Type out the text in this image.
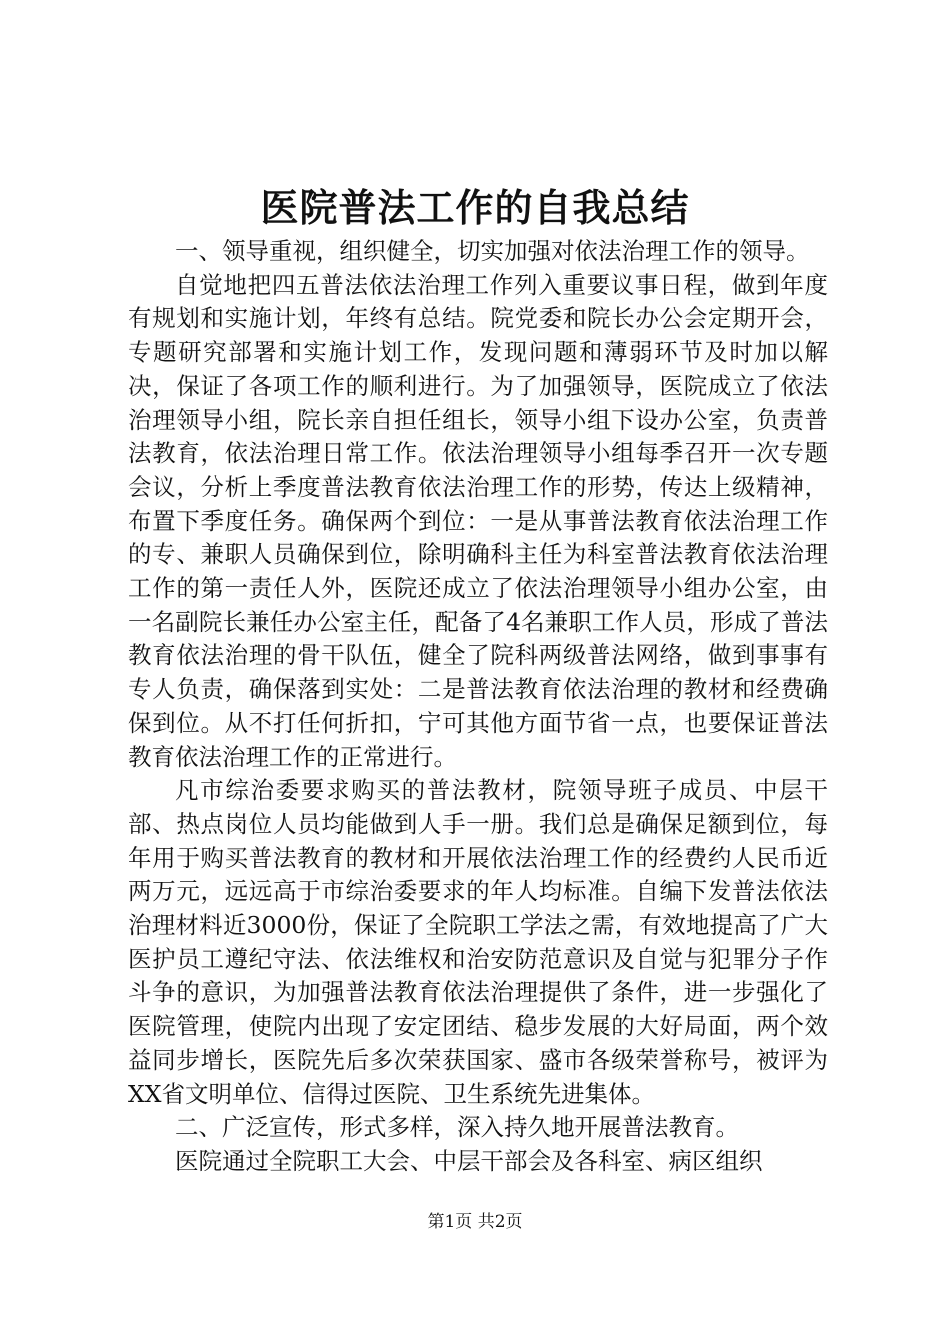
医院普法工作的自我总结

一、领导重视，组织健全，切实加强对依法治理工作的领导。

自觉地把四五普法依法治理工作列入重要议事日程，做到年度有规划和实施计划，年终有总结。院党委和院长办公会定期开会，专题研究部署和实施计划工作，发现问题和薄弱环节及时加以解决，保证了各项工作的顺利进行。为了加强领导，医院成立了依法治理领导小组，院长亲自担任组长，领导小组下设办公室，负责普法教育，依法治理日常工作。依法治理领导小组每季召开一次专题会议，分析上季度普法教育依法治理工作的形势，传达上级精神，布置下季度任务。确保两个到位：一是从事普法教育依法治理工作的专、兼职人员确保到位，除明确科主任为科室普法教育依法治理工作的第一责任人外，医院还成立了依法治理领导小组办公室，由一名副院长兼任办公室主任，配备了4名兼职工作人员，形成了普法教育依法治理的骨干队伍，健全了院科两级普法网络，做到事事有专人负责，确保落到实处：二是普法教育依法治理的教材和经费确保到位。从不打任何折扣，宁可其他方面节省一点，也要保证普法教育依法治理工作的正常进行。

凡市综治委要求购买的普法教材，院领导班子成员、中层干部、热点岗位人员均能做到人手一册。我们总是确保足额到位，每年用于购买普法教育的教材和开展依法治理工作的经费约人民币近两万元，远远高于市综治委要求的年人均标准。自编下发普法依法治理材料近3000份，保证了全院职工学法之需，有效地提高了广大医护员工遵纪守法、依法维权和治安防范意识及自觉与犯罪分子作斗争的意识，为加强普法教育依法治理提供了条件，进一步强化了医院管理，使院内出现了安定团结、稳步发展的大好局面，两个效益同步增长，医院先后多次荣获国家、盛市各级荣誉称号，被评为XX省文明单位、信得过医院、卫生系统先进集体。

二、广泛宣传，形式多样，深入持久地开展普法教育。

医院通过全院职工大会、中层干部会及各科室、病区组织

第1页 共2页
